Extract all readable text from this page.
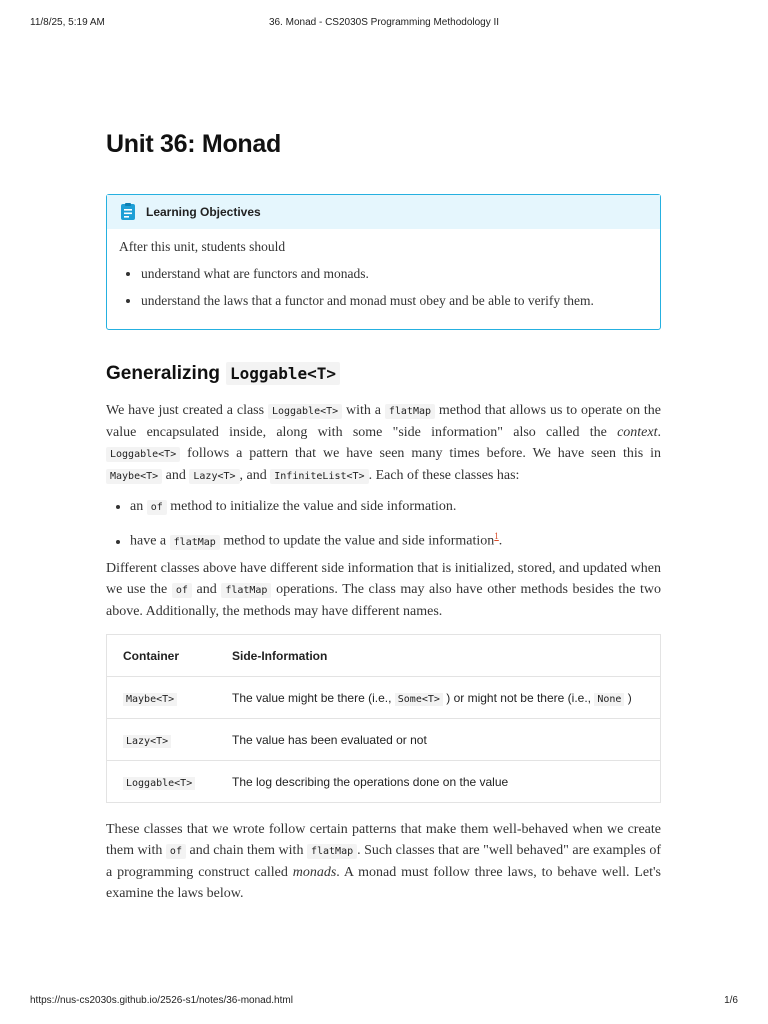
11/8/25, 5:19 AM	36. Monad - CS2030S Programming Methodology II
Unit 36: Monad
Learning Objectives

After this unit, students should

• understand what are functors and monads.
• understand the laws that a functor and monad must obey and be able to verify them.
Generalizing Loggable<T>

We have just created a class Loggable<T> with a flatMap method that allows us to operate on the value encapsulated inside, along with some "side information" also called the context. Loggable<T> follows a pattern that we have seen many times before. We have seen this in Maybe<T> and Lazy<T> , and InfiniteList<T> . Each of these classes has:

• an of method to initialize the value and side information.
• have a flatMap method to update the value and side information$^1$.

Different classes above have different side information that is initialized, stored, and updated when we use the of and flatMap operations. The class may also have other methods besides the two above. Additionally, the methods may have different names.

Container	Side-Information
Maybe<T>	The value might be there (i.e., Some<T> ) or might not be there (i.e., None )
Lazy<T>	The value has been evaluated or not
Loggable<T>	The log describing the operations done on the value

These classes that we wrote follow certain patterns that make them well-behaved when we create them with of and chain them with flatMap . Such classes that are "well behaved" are examples of a programming construct called monads. A monad must follow three laws, to behave well. Let's examine the laws below.

https://nus-cs2030s.github.io/2526-s1/notes/36-monad.html	1/6
